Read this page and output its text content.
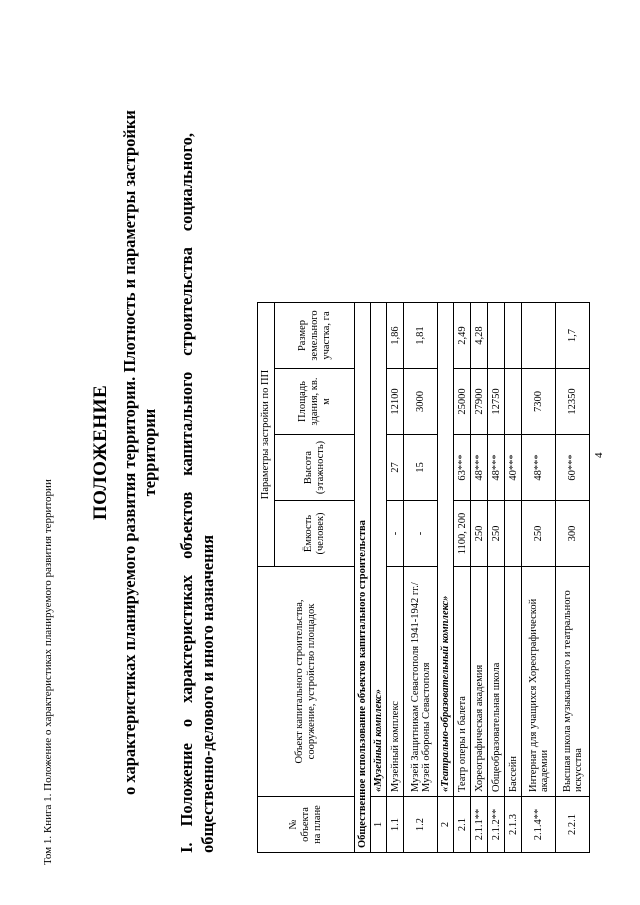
Том 1. Книга 1. Положение о характеристиках планируемого развития территории
ПОЛОЖЕНИЕ о характеристиках планируемого развития территории. Плотность и параметры застройки территории I. Положение о характеристиках объектов капитального строительства социального, общественно-делового и иного назначения	№ объекта на плане	Объект капитального строительства, сооружение, устройство площадок	Параметры застройки по ПП			
		Ёмкость (человек)	Высота (этажность)	Площадь здания, кв. м	Размер земельного участка, га
Общественное использование объектов капитального строительства					
1	«Музейный комплекс»				
1.1	Музейный комплекс	-	27	12100	1,86
1.2	Музей Защитникам Севастополя 1941-1942 гг./Музей обороны Севастополя	-	15	3000	1,81
2	«Театрально-образовательный комплекс»				
2.1	Театр оперы и балета	1100, 200	63***	25000	2,49
2.1.1**	Хореографическая академия	250	48***	27900	4,28
2.1.2**	Общеобразовательная школа	250	48***	12750	
2.1.3	Бассейн		40***		
2.1.4**	Интернат для учащихся Хореографической академии	250	48***	7300	
2.2.1	Высшая школа музыкального и театрального искусства	300	60***	12350	1,7
4
